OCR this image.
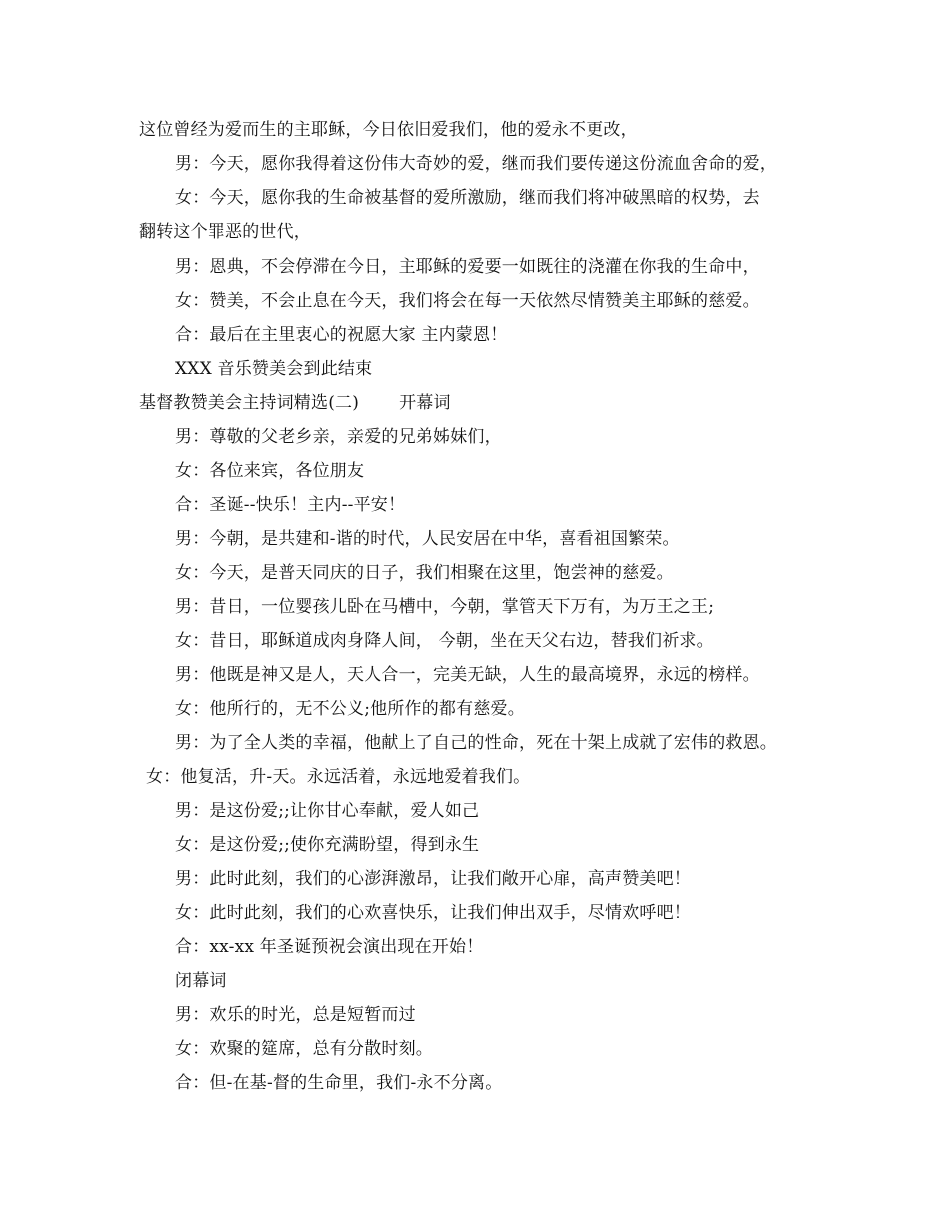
这位曾经为爱而生的主耶稣，今日依旧爱我们，他的爱永不更改，
男：今天，愿你我得着这份伟大奇妙的爱，继而我们要传递这份流血舍命的爱，
女：今天，愿你我的生命被基督的爱所激励，继而我们将冲破黑暗的权势，去
翻转这个罪恶的世代，
男：恩典，不会停滞在今日，主耶稣的爱要一如既往的浇灌在你我的生命中，
女：赞美，不会止息在今天，我们将会在每一天依然尽情赞美主耶稣的慈爱。
合：最后在主里衷心的祝愿大家 主内蒙恩！
XXX 音乐赞美会到此结束
基督教赞美会主持词精选(二) 开幕词
男：尊敬的父老乡亲，亲爱的兄弟姊妹们，
女：各位来宾，各位朋友
合：圣诞--快乐！主内--平安！
男：今朝，是共建和-谐的时代，人民安居在中华，喜看祖国繁荣。
女：今天，是普天同庆的日子，我们相聚在这里，饱尝神的慈爱。
男：昔日，一位婴孩儿卧在马槽中，今朝，掌管天下万有，为万王之王;
女：昔日，耶稣道成肉身降人间， 今朝，坐在天父右边，替我们祈求。
男：他既是神又是人，天人合一，完美无缺，人生的最高境界，永远的榜样。
女：他所行的，无不公义;他所作的都有慈爱。
男：为了全人类的幸福，他献上了自己的性命，死在十架上成就了宏伟的救恩。
女：他复活，升-天。永远活着，永远地爱着我们。
男：是这份爱;;让你甘心奉献，爱人如己
女：是这份爱;;使你充满盼望，得到永生
男：此时此刻，我们的心澎湃激昂，让我们敞开心扉，高声赞美吧！
女：此时此刻，我们的心欢喜快乐，让我们伸出双手，尽情欢呼吧！
合：xx-xx 年圣诞预祝会演出现在开始！
闭幕词
男：欢乐的时光，总是短暂而过
女：欢聚的筵席，总有分散时刻。
合：但-在基-督的生命里，我们-永不分离。
